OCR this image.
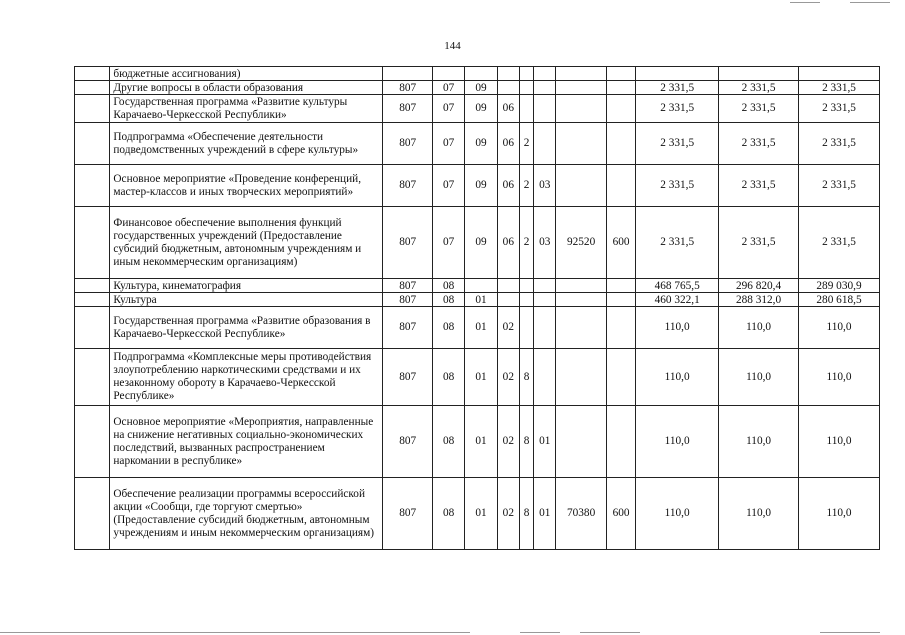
144
	бюджетные ассигнования)											
	Другие вопросы в области образования	807	07	09						2 331,5	2 331,5	2 331,5
	Государственная программа «Развитие культуры Карачаево-Черкесской Республики»	807	07	09	06					2 331,5	2 331,5	2 331,5
	Подпрограмма «Обеспечение деятельности подведомственных учреждений в сфере культуры»	807	07	09	06	2				2 331,5	2 331,5	2 331,5
	Основное мероприятие «Проведение конференций, мастер-классов и иных творческих мероприятий»	807	07	09	06	2	03			2 331,5	2 331,5	2 331,5
	Финансовое обеспечение выполнения функций государственных учреждений (Предоставление субсидий бюджетным, автономным учреждениям и иным некоммерческим организациям)	807	07	09	06	2	03	92520	600	2 331,5	2 331,5	2 331,5
	Культура, кинематография	807	08							468 765,5	296 820,4	289 030,9
	Культура	807	08	01						460 322,1	288 312,0	280 618,5
	Государственная программа «Развитие образования в Карачаево-Черкесской Республике»	807	08	01	02					110,0	110,0	110,0
	Подпрограмма «Комплексные меры противодействия злоупотреблению наркотическими средствами и их незаконному обороту в Карачаево-Черкесской Республике»	807	08	01	02	8				110,0	110,0	110,0
	Основное мероприятие «Мероприятия, направленные на снижение негативных социально-экономических последствий, вызванных распространением наркомании в республике»	807	08	01	02	8	01			110,0	110,0	110,0
	Обеспечение реализации программы всероссийской акции «Сообщи, где торгуют смертью» (Предоставление субсидий бюджетным, автономным учреждениям и иным некоммерческим организациям)	807	08	01	02	8	01	70380	600	110,0	110,0	110,0
